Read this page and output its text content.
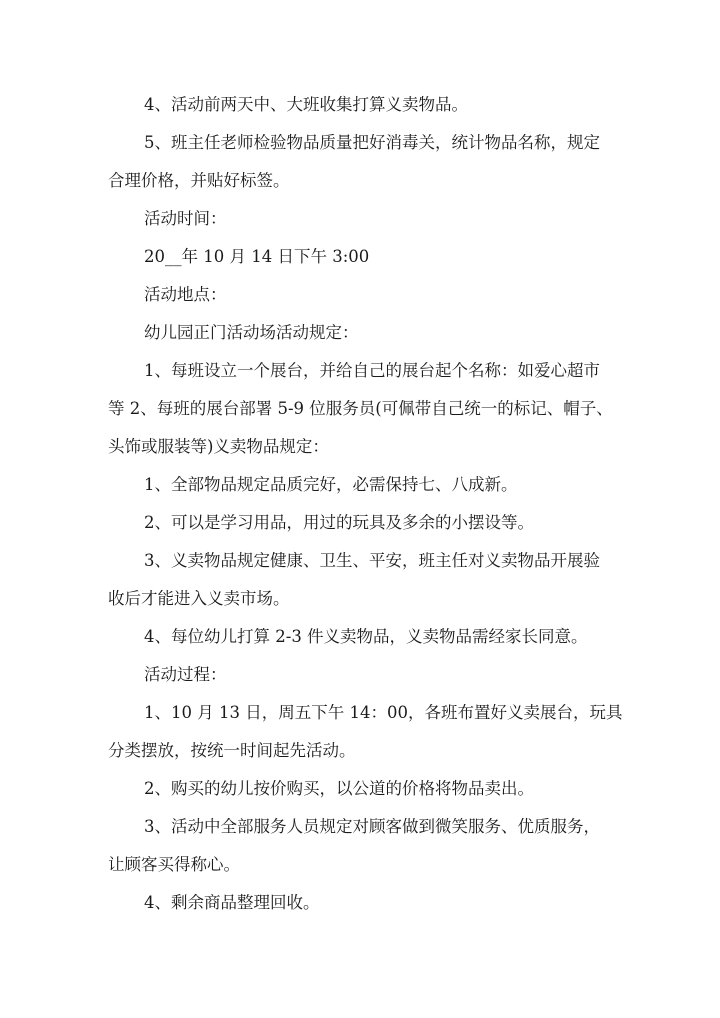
4、活动前两天中、大班收集打算义卖物品。

5、班主任老师检验物品质量把好消毒关，统计物品名称，规定

合理价格，并贴好标签。

活动时间：

20__年 10 月 14 日下午 3:00

活动地点：

幼儿园正门活动场活动规定：

1、每班设立一个展台，并给自己的展台起个名称：如爱心超市

等 2、每班的展台部署 5-9 位服务员(可佩带自己统一的标记、帽子、

头饰或服装等)义卖物品规定：

1、全部物品规定品质完好，必需保持七、八成新。

2、可以是学习用品，用过的玩具及多余的小摆设等。

3、义卖物品规定健康、卫生、平安，班主任对义卖物品开展验

收后才能进入义卖市场。

4、每位幼儿打算 2-3 件义卖物品，义卖物品需经家长同意。

活动过程：

1、10 月 13 日，周五下午 14：00，各班布置好义卖展台，玩具

分类摆放，按统一时间起先活动。

2、购买的幼儿按价购买，以公道的价格将物品卖出。

3、活动中全部服务人员规定对顾客做到微笑服务、优质服务，

让顾客买得称心。

4、剩余商品整理回收。
